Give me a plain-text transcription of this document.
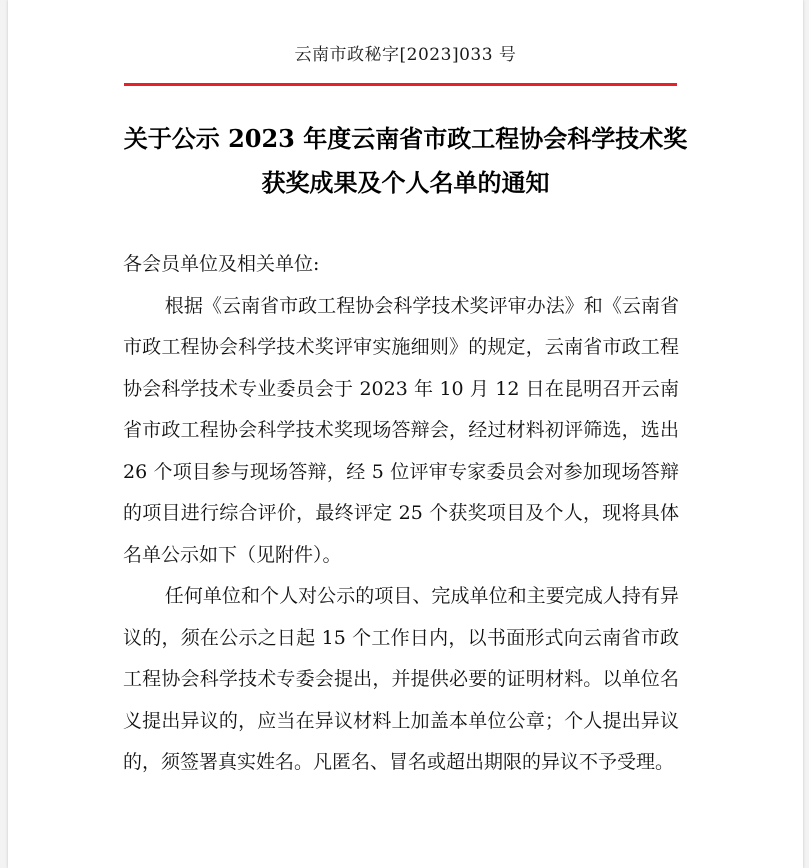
云南市政秘字[2023]033 号
关于公示 2023 年度云南省市政工程协会科学技术奖
获奖成果及个人名单的通知

各会员单位及相关单位:

根据《云南省市政工程协会科学技术奖评审办法》和《云南省市政工程协会科学技术奖评审实施细则》的规定，云南省市政工程协会科学技术专业委员会于 2023 年 10 月 12 日在昆明召开云南省市政工程协会科学技术奖现场答辩会，经过材料初评筛选，选出 26 个项目参与现场答辩，经 5 位评审专家委员会对参加现场答辩的项目进行综合评价，最终评定 25 个获奖项目及个人，现将具体名单公示如下（见附件）。

任何单位和个人对公示的项目、完成单位和主要完成人持有异议的，须在公示之日起 15 个工作日内，以书面形式向云南省市政工程协会科学技术专委会提出，并提供必要的证明材料。以单位名义提出异议的，应当在异议材料上加盖本单位公章；个人提出异议的，须签署真实姓名。凡匿名、冒名或超出期限的异议不予受理。
